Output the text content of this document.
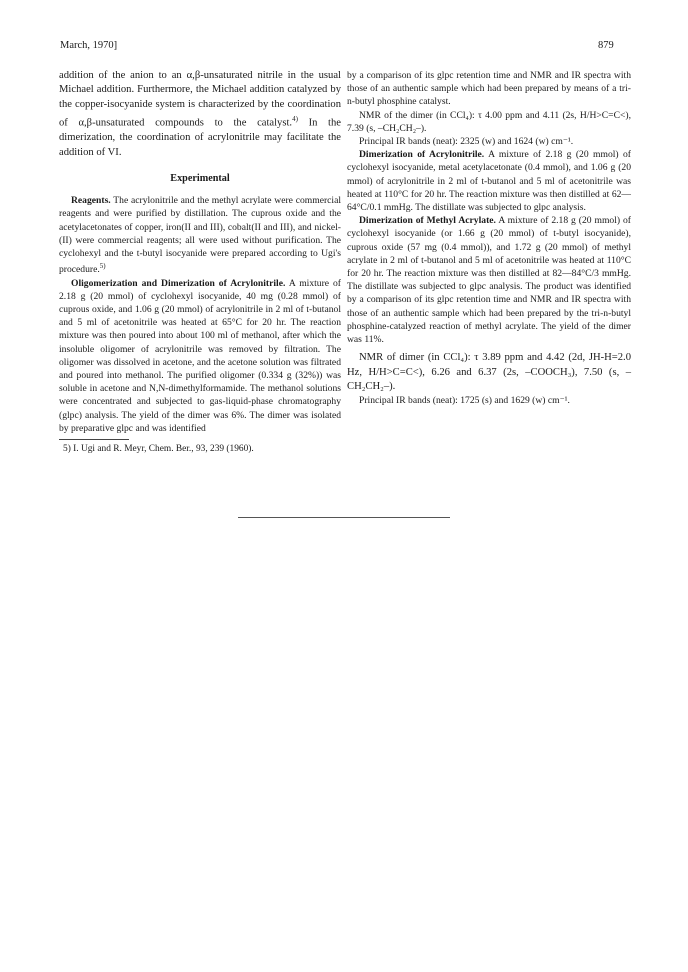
March, 1970]	879

addition of the anion to an α,β-unsaturated nitrile in the usual Michael addition. Furthermore, the Michael addition catalyzed by the copper-isocyanide system is characterized by the coordination of α,β-unsaturated compounds to the catalyst.$^{4)}$ In the dimerization, the coordination of acrylonitrile may facilitate the addition of VI.

Experimental

Reagents. The acrylonitrile and the methyl acrylate were commercial reagents and were purified by distillation. The cuprous oxide and the acetylacetonates of copper, iron(II and III), cobalt(II and III), and nickel-(II) were commercial reagents; all were used without purification. The cyclohexyl and the t-butyl isocyanide were prepared according to Ugi's procedure.$^{5)}$

Oligomerization and Dimerization of Acrylonitrile. A mixture of 2.18 g (20 mmol) of cyclohexyl isocyanide, 40 mg (0.28 mmol) of cuprous oxide, and 1.06 g (20 mmol) of acrylonitrile in 2 ml of t-butanol and 5 ml of acetonitrile was heated at 65°C for 20 hr. The reaction mixture was then poured into about 100 ml of methanol, after which the insoluble oligomer of acrylonitrile was removed by filtration. The oligomer was dissolved in acetone, and the acetone solution was filtrated and poured into methanol. The purified oligomer (0.334 g (32%)) was soluble in acetone and N,N-dimethylformamide. The methanol solutions were concentrated and subjected to gas-liquid-phase chromatography (glpc) analysis. The yield of the dimer was 6%. The dimer was isolated by preparative glpc and was identified

5) I. Ugi and R. Meyr, Chem. Ber., 93, 239 (1960).

by a comparison of its glpc retention time and NMR and IR spectra with those of an authentic sample which had been prepared by means of a tri-n-butyl phosphine catalyst.

NMR of the dimer (in CCl₄): τ 4.00 ppm and 4.11 (2s, H/H>C=C<), 7.39 (s, –CH₂CH₂–).

Principal IR bands (neat): 2325 (w) and 1624 (w) cm⁻¹.

Dimerization of Acrylonitrile. A mixture of 2.18 g (20 mmol) of cyclohexyl isocyanide, metal acetylacetonate (0.4 mmol), and 1.06 g (20 mmol) of acrylonitrile in 2 ml of t-butanol and 5 ml of acetonitrile was heated at 110°C for 20 hr. The reaction mixture was then distilled at 62—64°C/0.1 mmHg. The distillate was subjected to glpc analysis.

Dimerization of Methyl Acrylate. A mixture of 2.18 g (20 mmol) of cyclohexyl isocyanide (or 1.66 g (20 mmol) of t-butyl isocyanide), cuprous oxide (57 mg (0.4 mmol)), and 1.72 g (20 mmol) of methyl acrylate in 2 ml of t-butanol and 5 ml of acetonitrile was heated at 110°C for 20 hr. The reaction mixture was then distilled at 82—84°C/3 mmHg. The distillate was subjected to glpc analysis. The product was identified by a comparison of its glpc retention time and NMR and IR spectra with those of an authentic sample which had been prepared by the tri-n-butyl phosphine-catalyzed reaction of methyl acrylate. The yield of the dimer was 11%.

NMR of dimer (in CCl₄): τ 3.89 ppm and 4.42 (2d, JH-H=2.0 Hz, H/H>C=C<), 6.26 and 6.37 (2s, –COOCH₃), 7.50 (s, –CH₂CH₂–).

Principal IR bands (neat): 1725 (s) and 1629 (w) cm⁻¹.
